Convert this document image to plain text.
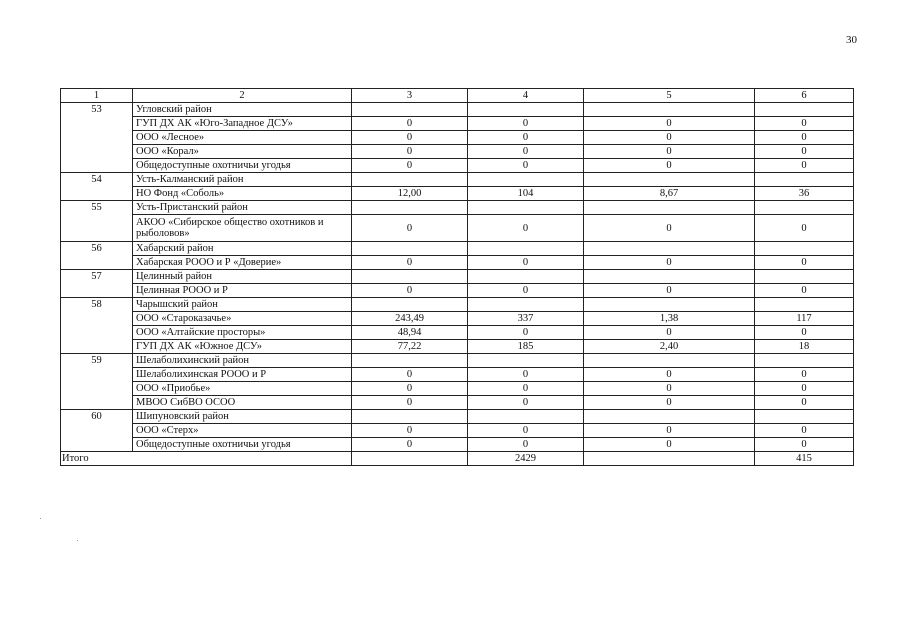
30
1	2	3	4	5	6
53	Угловский район				
	ГУП ДХ АК «Юго-Западное ДСУ»	0	0	0	0
	ООО «Лесное»	0	0	0	0
	ООО «Корал»	0	0	0	0
	Общедоступные охотничьи угодья	0	0	0	0
54	Усть-Калманский район				
	НО Фонд «Соболь»	12,00	104	8,67	36
55	Усть-Пристанский район				
	АКОО «Сибирское общество охотников и рыболовов»	0	0	0	0
56	Хабарский район				
	Хабарская РООО и Р «Доверие»	0	0	0	0
57	Целинный район				
	Целинная РООО и Р	0	0	0	0
58	Чарышский район				
	ООО «Староказачье»	243,49	337	1,38	117
	ООО «Алтайские просторы»	48,94	0	0	0
	ГУП ДХ АК «Южное ДСУ»	77,22	185	2,40	18
59	Шелаболихинский район				
	Шелаболихинская РООО и Р	0	0	0	0
	ООО «Приобье»	0	0	0	0
	МВОО СибВО ОСОО	0	0	0	0
60	Шипуновский район				
	ООО «Стерх»	0	0	0	0
	Общедоступные охотничьи угодья	0	0	0	0
Итого			2429		415
